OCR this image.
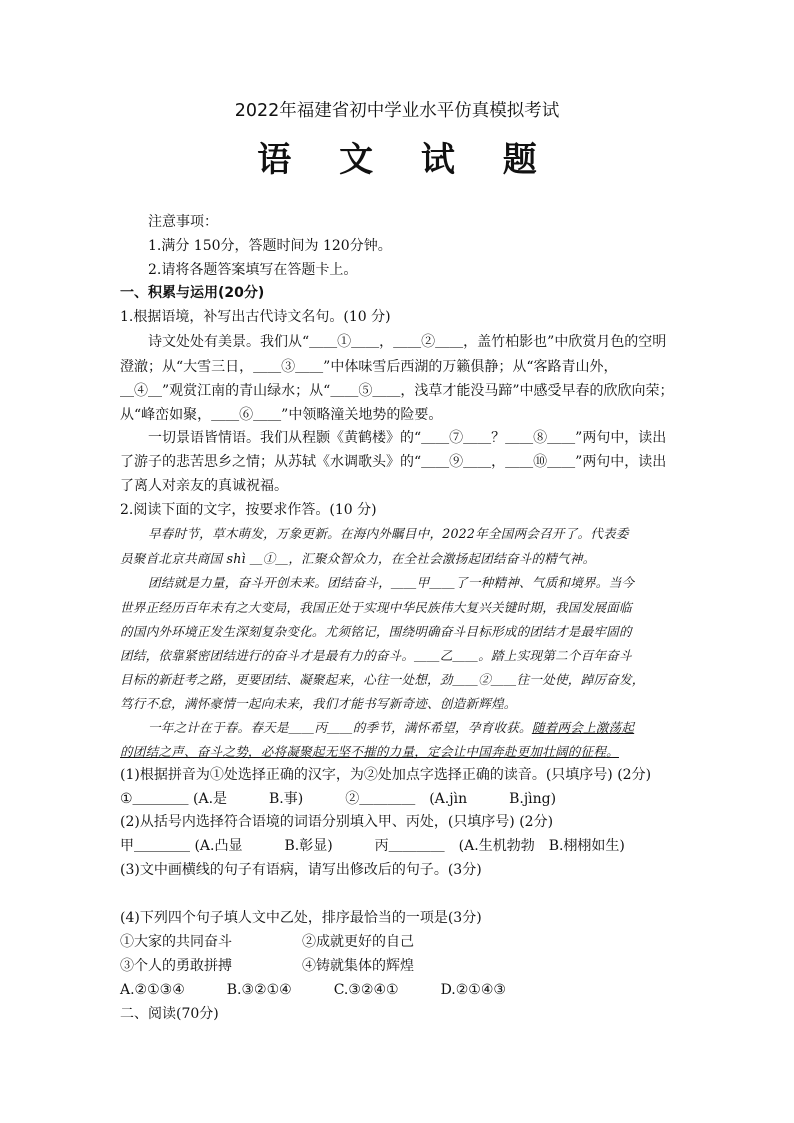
2022年福建省初中学业水平仿真模拟考试
语 文 试 题
注意事项：
1.满分 150分，答题时间为 120分钟。
2.请将各题答案填写在答题卡上。
一、积累与运用(20分)
1.根据语境，补写出古代诗文名句。(10 分)
诗文处处有美景。我们从“＿＿①＿＿，＿＿②＿＿，盖竹柏影也”中欣赏月色的空明
澄澈；从“大雪三日，＿＿③＿＿”中体味雪后西湖的万籁俱静；从“客路青山外，
＿④＿”观赏江南的青山绿水；从“＿＿⑤＿＿，浅草才能没马蹄”中感受早春的欣欣向荣；
从“峰峦如聚，＿＿⑥＿＿”中领略潼关地势的险要。
一切景语皆情语。我们从程颢《黄鹤楼》的“＿＿⑦＿＿？＿＿⑧＿＿”两句中，读出
了游子的悲苦思乡之情；从苏轼《水调歌头》的“＿＿⑨＿＿，＿＿⑩＿＿”两句中，读出
了离人对亲友的真诚祝福。
2.阅读下面的文字，按要求作答。(10 分)
早春时节，草木萌发，万象更新。在海内外瞩目中，2022年全国两会召开了。代表委
员聚首北京共商国 shì ＿①＿，汇聚众智众力，在全社会激扬起团结奋斗的精气神。
团结就是力量，奋斗开创未来。团结奋斗，＿＿甲＿＿了一种精神、气质和境界。当今
世界正经历百年未有之大变局，我国正处于实现中华民族伟大复兴关键时期，我国发展面临
的国内外环境正发生深刻复杂变化。尤须铭记，围绕明确奋斗目标形成的团结才是最牢固的
团结，依靠紧密团结进行的奋斗才是最有力的奋斗。＿＿乙＿＿。踏上实现第二个百年奋斗
目标的新赶考之路，更要团结、凝聚起来，心往一处想，劲＿＿②＿＿往一处使，踔厉奋发，
笃行不怠，满怀豪情一起向未来，我们才能书写新奇迹、创造新辉煌。
一年之计在于春。春天是＿＿丙＿＿的季节，满怀希望，孕育收获。随着两会上激荡起
的团结之声、奋斗之势，必将凝聚起无坚不摧的力量，定会让中国奔赴更加壮阔的征程。
(1)根据拼音为①处选择正确的汉字，为②处加点字选择正确的读音。(只填序号) (2分)
①＿＿＿＿ (A.是　　　B.事)　　　②＿＿＿＿　(A.jìn　　　B.jìng)
(2)从括号内选择符合语境的词语分别填入甲、丙处，(只填序号) (2分)
甲＿＿＿＿ (A.凸显　　　B.彰显)　　　丙＿＿＿＿　(A.生机勃勃　B.栩栩如生)
(3)文中画横线的句子有语病，请写出修改后的句子。(3分)
(4)下列四个句子填人文中乙处，排序最恰当的一项是(3分)
①大家的共同奋斗　　　　　②成就更好的自己
③个人的勇敢拼搏　　　　　④铸就集体的辉煌
A.②①③④　　　B.③②①④　　　C.③②④①　　　D.②①④③
二、阅读(70分)
